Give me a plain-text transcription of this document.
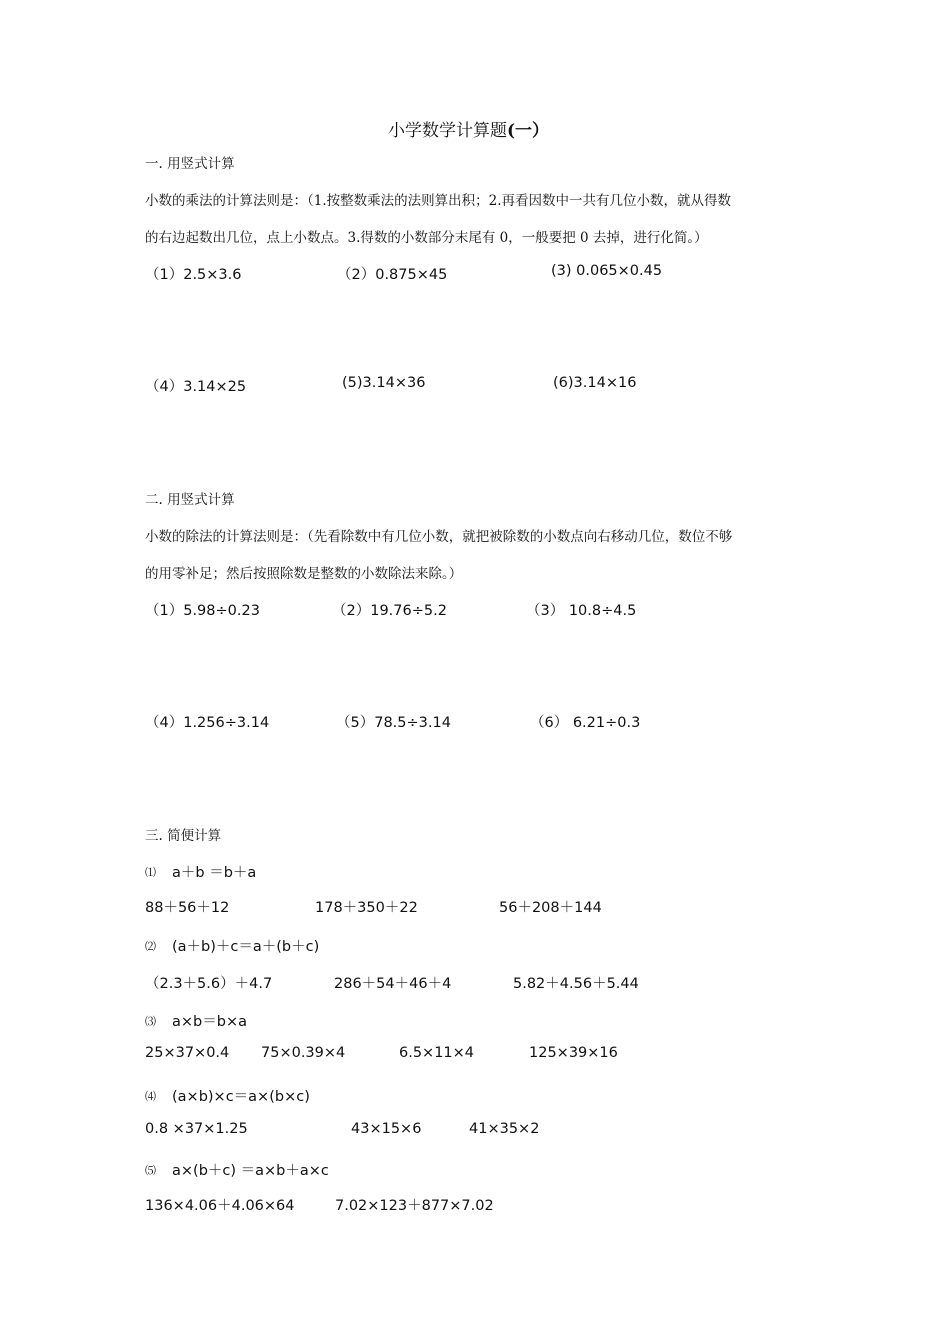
小学数学计算题(一）
一. 用竖式计算
小数的乘法的计算法则是：（1.按整数乘法的法则算出积；2.再看因数中一共有几位小数，就从得数
的右边起数出几位，点上小数点。3.得数的小数部分末尾有 0，一般要把 0 去掉，进行化简。）
（1）2.5×3.6	（2）0.875×45	(3) 0.065×0.45
（4）3.14×25	(5)3.14×36	(6)3.14×16
二. 用竖式计算
小数的除法的计算法则是：（先看除数中有几位小数，就把被除数的小数点向右移动几位，数位不够
的用零补足；然后按照除数是整数的小数除法来除。）
（1）5.98÷0.23	（2）19.76÷5.2	（3） 10.8÷4.5
（4）1.256÷3.14	（5）78.5÷3.14	（6） 6.21÷0.3
三. 简便计算
⑴ a＋b ＝b＋a
88＋56＋12	178＋350＋22	56＋208＋144
⑵ (a＋b)＋c＝a＋(b＋c)
（2.3＋5.6）＋4.7	286＋54＋46＋4	5.82＋4.56＋5.44
⑶ a×b＝b×a
25×37×0.4 75×0.39×4	6.5×11×4	125×39×16
⑷ (a×b)×c＝a×(b×c)
0.8 ×37×1.25	43×15×6	41×35×2
⑸ a×(b＋c) ＝a×b＋a×c
136×4.06＋4.06×64	7.02×123＋877×7.02
